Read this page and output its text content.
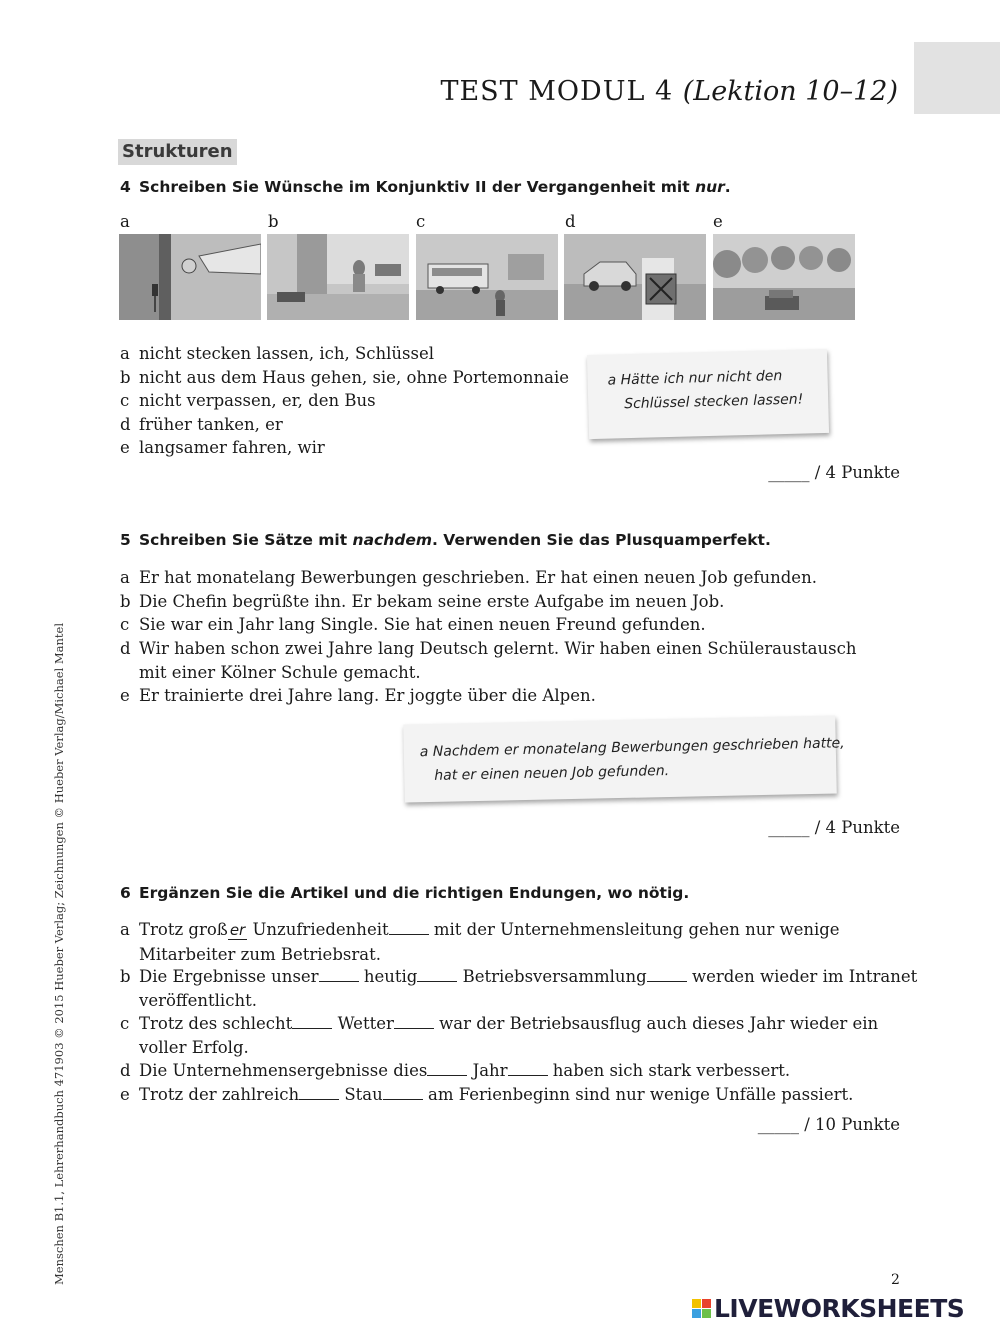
TEST MODUL 4 (Lektion 10–12)
Strukturen
4 Schreiben Sie Wünsche im Konjunktiv II der Vergangenheit mit nur.
a	b	c	d	e
a nicht stecken lassen, ich, Schlüssel
b nicht aus dem Haus gehen, sie, ohne Portemonnaie
c nicht verpassen, er, den Bus
d früher tanken, er
e langsamer fahren, wir
a Hätte ich nur nicht den
Schlüssel stecken lassen!
_____ / 4 Punkte
5 Schreiben Sie Sätze mit nachdem. Verwenden Sie das Plusquamperfekt.
a Er hat monatelang Bewerbungen geschrieben. Er hat einen neuen Job gefunden.
b Die Chefin begrüßte ihn. Er bekam seine erste Aufgabe im neuen Job.
c Sie war ein Jahr lang Single. Sie hat einen neuen Freund gefunden.
d Wir haben schon zwei Jahre lang Deutsch gelernt. Wir haben einen Schüleraustausch
mit einer Kölner Schule gemacht.
e Er trainierte drei Jahre lang. Er joggte über die Alpen.
a Nachdem er monatelang Bewerbungen geschrieben hatte,
hat er einen neuen Job gefunden.
_____ / 4 Punkte
6 Ergänzen Sie die Artikel und die richtigen Endungen, wo nötig.
a Trotz groß er Unzufriedenheit	mit der Unternehmensleitung gehen nur wenige
Mitarbeiter zum Betriebsrat.
b Die Ergebnisse unser	heutig	Betriebsversammlung	werden wieder im Intranet
veröffentlicht.
c Trotz des schlecht	Wetter	war der Betriebsausflug auch dieses Jahr wieder ein
voller Erfolg.
d Die Unternehmensergebnisse dies	Jahr	haben sich stark verbessert.
e Trotz der zahlreich	Stau	am Ferienbeginn sind nur wenige Unfälle passiert.
_____ / 10 Punkte
Menschen B1.1, Lehrerhandbuch 471903 © 2015 Hueber Verlag; Zeichnungen © Hueber Verlag/Michael Mantel	2
LIVEWORKSHEETS
